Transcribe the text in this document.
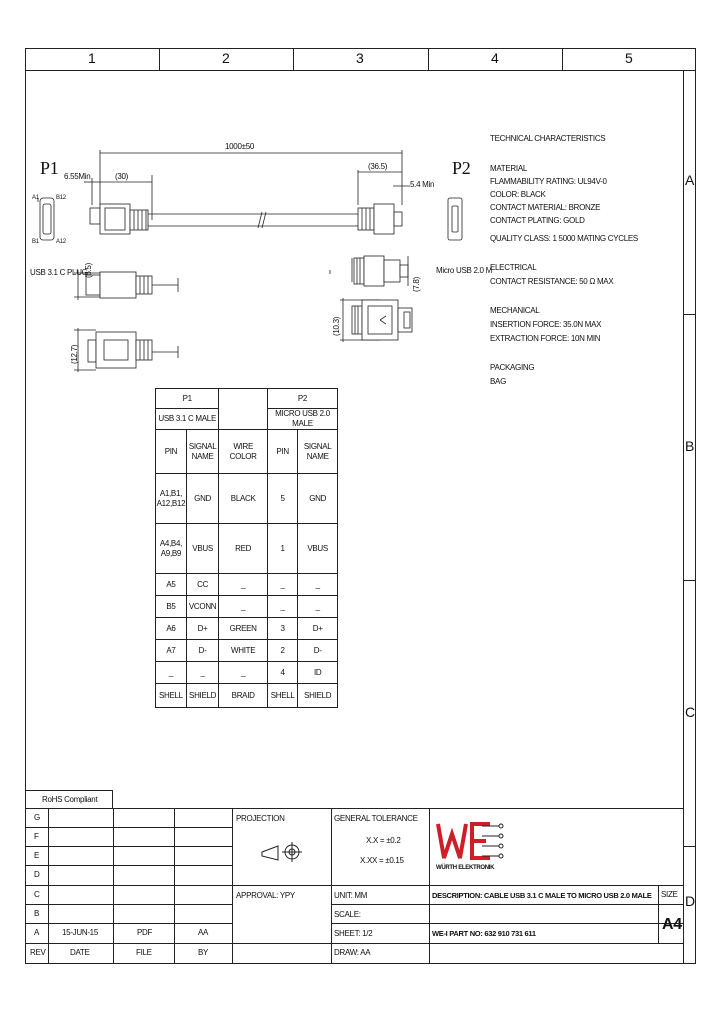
1	2	3	4	5
A
B
C
D
P1	P2
1000±50
6.55Min	(30)
(36.5)
5.4 Min
B12
A1
B1	A12
USB 3.1 C PLUG	Micro USB 2.0 M
(6.5)
(12.7)
(7.8)
(10.3)
TECHNICAL CHARACTERISTICS
MATERIAL
FLAMMABILITY RATING: UL94V-0
COLOR: BLACK
CONTACT MATERIAL: BRONZE
CONTACT PLATING: GOLD
QUALITY CLASS: 1 5000 MATING CYCLES
ELECTRICAL
CONTACT RESISTANCE: 50 Ω MAX
MECHANICAL
INSERTION FORCE: 35.0N MAX
EXTRACTION FORCE: 10N MIN
PACKAGING
BAG
P1			P2	
USB 3.1 C MALE			MICRO USB 2.0 MALE	
PIN	SIGNAL NAME	WIRE COLOR	PIN	SIGNAL NAME
A1,B1, A12,B12	GND	BLACK	5	GND
A4,B4, A9,B9	VBUS	RED	1	VBUS
A5	CC	_	_	_
B5	VCONN	_	_	_
A6	D+	GREEN	3	D+
A7	D-	WHITE	2	D-
_	_	_	4	ID
SHELL	SHIELD	BRAID	SHELL	SHIELD
RoHS Compliant
G
F
E
D
C
B
A	15-JUN-15	PDF	AA
REV	DATE	FILE	BY
PROJECTION
APPROVAL: YPY
GENERAL TOLERANCE
X.X = ±0.2
X.XX = ±0.15
UNIT: MM
SCALE:
SHEET: 1/2
DRAW: AA
WÜRTH ELEKTRONIK
DESCRIPTION: CABLE USB 3.1 C MALE TO MICRO USB 2.0 MALE
WE-I PART NO: 632 910 731 611
SIZE
A4
